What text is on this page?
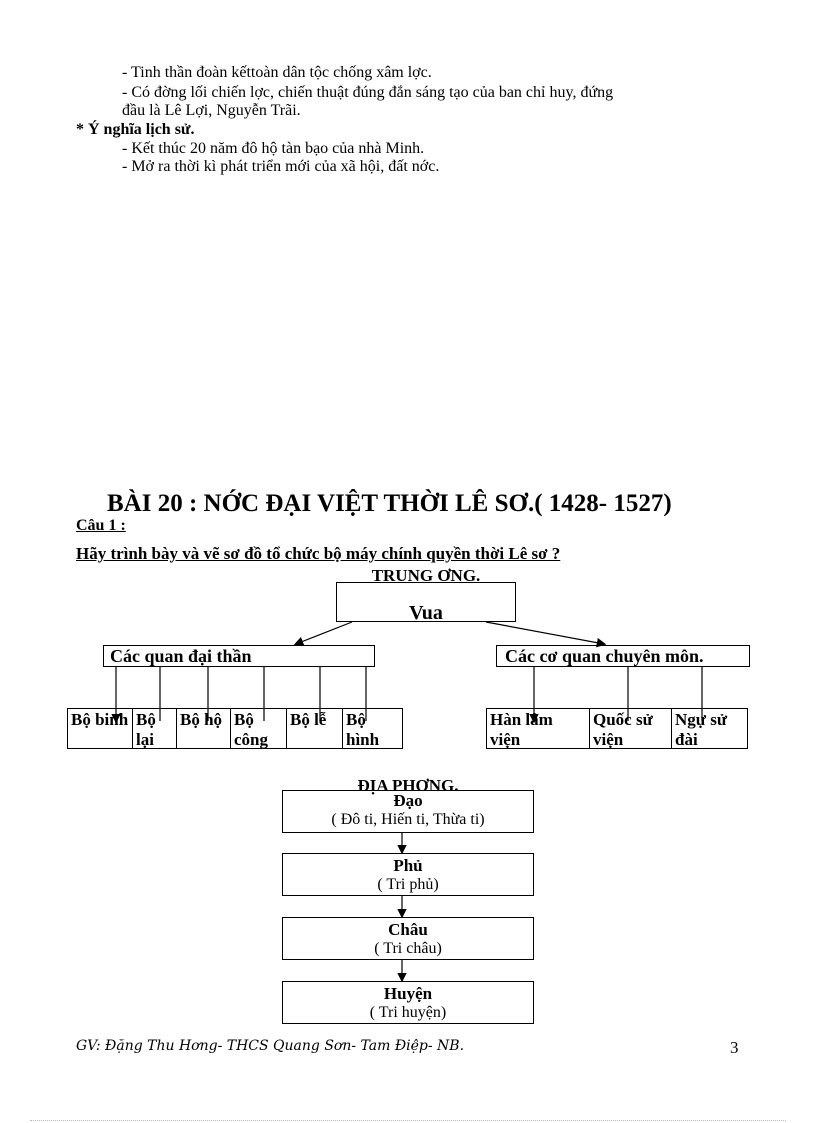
- Tinh thần đoàn kếttoàn dân tộc chống xâm lợc.
- Có đờng lối chiến lợc, chiến thuật đúng đắn sáng tạo của ban chỉ huy, đứng
đầu là Lê Lợi, Nguyễn Trãi.
* Ý nghĩa lịch sử.
- Kết thúc 20 năm đô hộ tàn bạo của nhà Minh.
- Mở ra thời kì phát triển mới của xã hội, đất nớc.
BÀI 20 : NỚC ĐẠI VIỆT THỜI LÊ SƠ.( 1428- 1527)
Câu 1 :
Hãy trình bày và vẽ sơ đồ tổ chức bộ máy chính quyền thời Lê sơ ?
TRUNG ƠNG.
Vua
Các quan đại thần	Các cơ quan chuyên môn.
Bộ binh Bộ lại
Bộ hộ Bộ công
Bộ lễ	Bộ hình
Hàn lâm viện
Quốc sử viện
Ngự sử đài
ĐỊA PHƠNG.
Đạo
( Đô ti, Hiến ti, Thừa ti)
Phủ
( Tri phủ)
Châu
( Tri châu)
Huyện
( Tri huyện)
GV: Đặng Thu Hơng- THCS Quang Sơn- Tam Điệp- NB.	3
